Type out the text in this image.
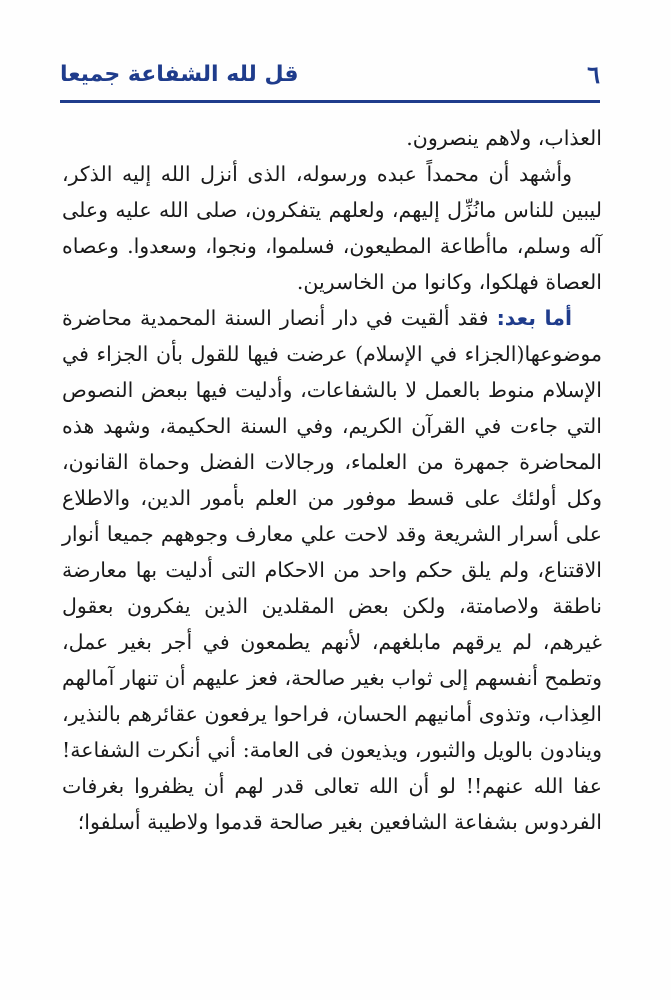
٦
قل لله الشفاعة جميعا

العذاب، ولاهم ينصرون.

وأشهد أن محمداً عبده ورسوله، الذى أنزل الله إليه الذكر، ليبين للناس مانُزِّل إليهم، ولعلهم يتفكرون، صلى الله عليه وعلى آله وسلم، ماأطاعة المطيعون، فسلموا، ونجوا، وسعدوا. وعصاه العصاة فهلكوا، وكانوا من الخاسرين.

أما بعد: فقد ألقيت في دار أنصار السنة المحمدية محاضرة موضوعها(الجزاء في الإسلام) عرضت فيها للقول بأن الجزاء في الإسلام منوط بالعمل لا بالشفاعات، وأدليت فيها ببعض النصوص التي جاءت في القرآن الكريم، وفي السنة الحكيمة، وشهد هذه المحاضرة جمهرة من العلماء، ورجالات الفضل وحماة القانون، وكل أولئك على قسط موفور من العلم بأمور الدين، والاطلاع على أسرار الشريعة وقد لاحت علي معارف وجوههم جميعا أنوار الاقتناع، ولم يلق حكم واحد من الاحكام التى أدليت بها معارضة ناطقة ولاصامتة، ولكن بعض المقلدين الذين يفكرون بعقول غيرهم، لم يرقهم مابلغهم، لأنهم يطمعون في أجر بغير عمل، وتطمح أنفسهم إلى ثواب بغير صالحة، فعز عليهم أن تنهار آمالهم العِذاب، وتذوى أمانيهم الحسان، فراحوا يرفعون عقائرهم بالنذير، وينادون بالويل والثبور، ويذيعون فى العامة: أني أنكرت الشفاعة! عفا الله عنهم!! لو أن الله تعالى قدر لهم أن يظفروا بغرفات الفردوس بشفاعة الشافعين بغير صالحة قدموا ولاطيبة أسلفوا؛
